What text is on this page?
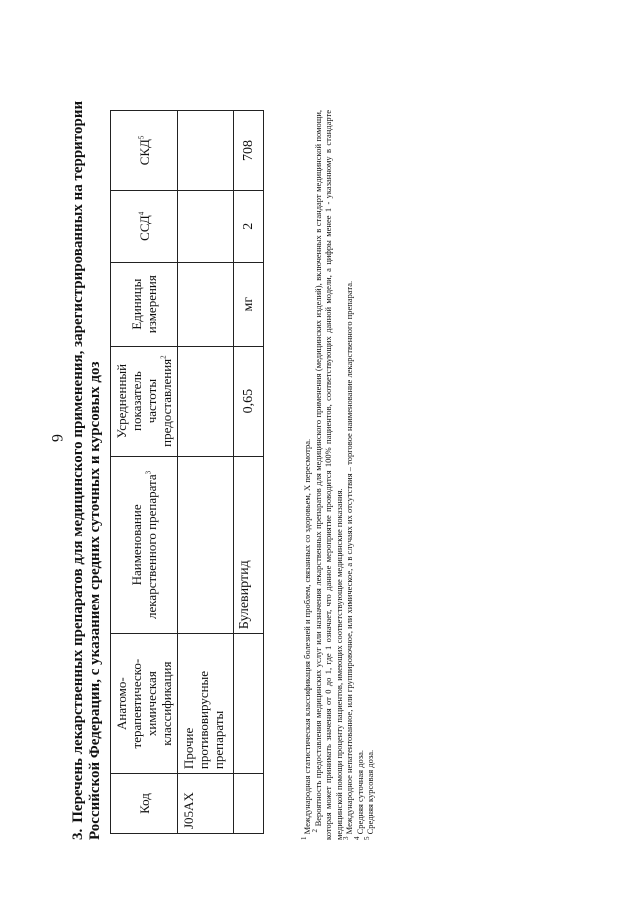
6
3.Перечень лекарственных препаратов для медицинского применения, зарегистрированных на территории Российской Федерации, с указанием средних суточных и курсовых доз	Код	Анатомо-терапевтическо-химическая классификация	Наименование лекарственного препарата$^3$	Усредненный показатель частоты предоставления$^2$	Единицы измерения	ССД$^4$	СКД$^5$
J05AX	Прочие противовирусные препараты					
		Булевиртид	0,65	мг	2	708

$^1$ Международная статистическая классификация болезней и проблем, связанных со здоровьем, X пересмотра.

$^2$ Вероятность предоставления медицинских услуг или назначения лекарственных препаратов для медицинского применения (медицинских изделий), включенных в стандарт медицинской помощи, которая может принимать значения от 0 до 1, где 1 означает, что данное мероприятие проводится 100% пациентов, соответствующих данной модели, а цифры менее 1 - указанному в стандарте медицинской помощи проценту пациентов, имеющих соответствующие медицинские показания.

$^3$ Международное непатентованное, или группировочное, или химическое, а в случаях их отсутствия – торговое наименование лекарственного препарата.

$^4$ Средняя суточная доза.

$^5$ Средняя курсовая доза.
